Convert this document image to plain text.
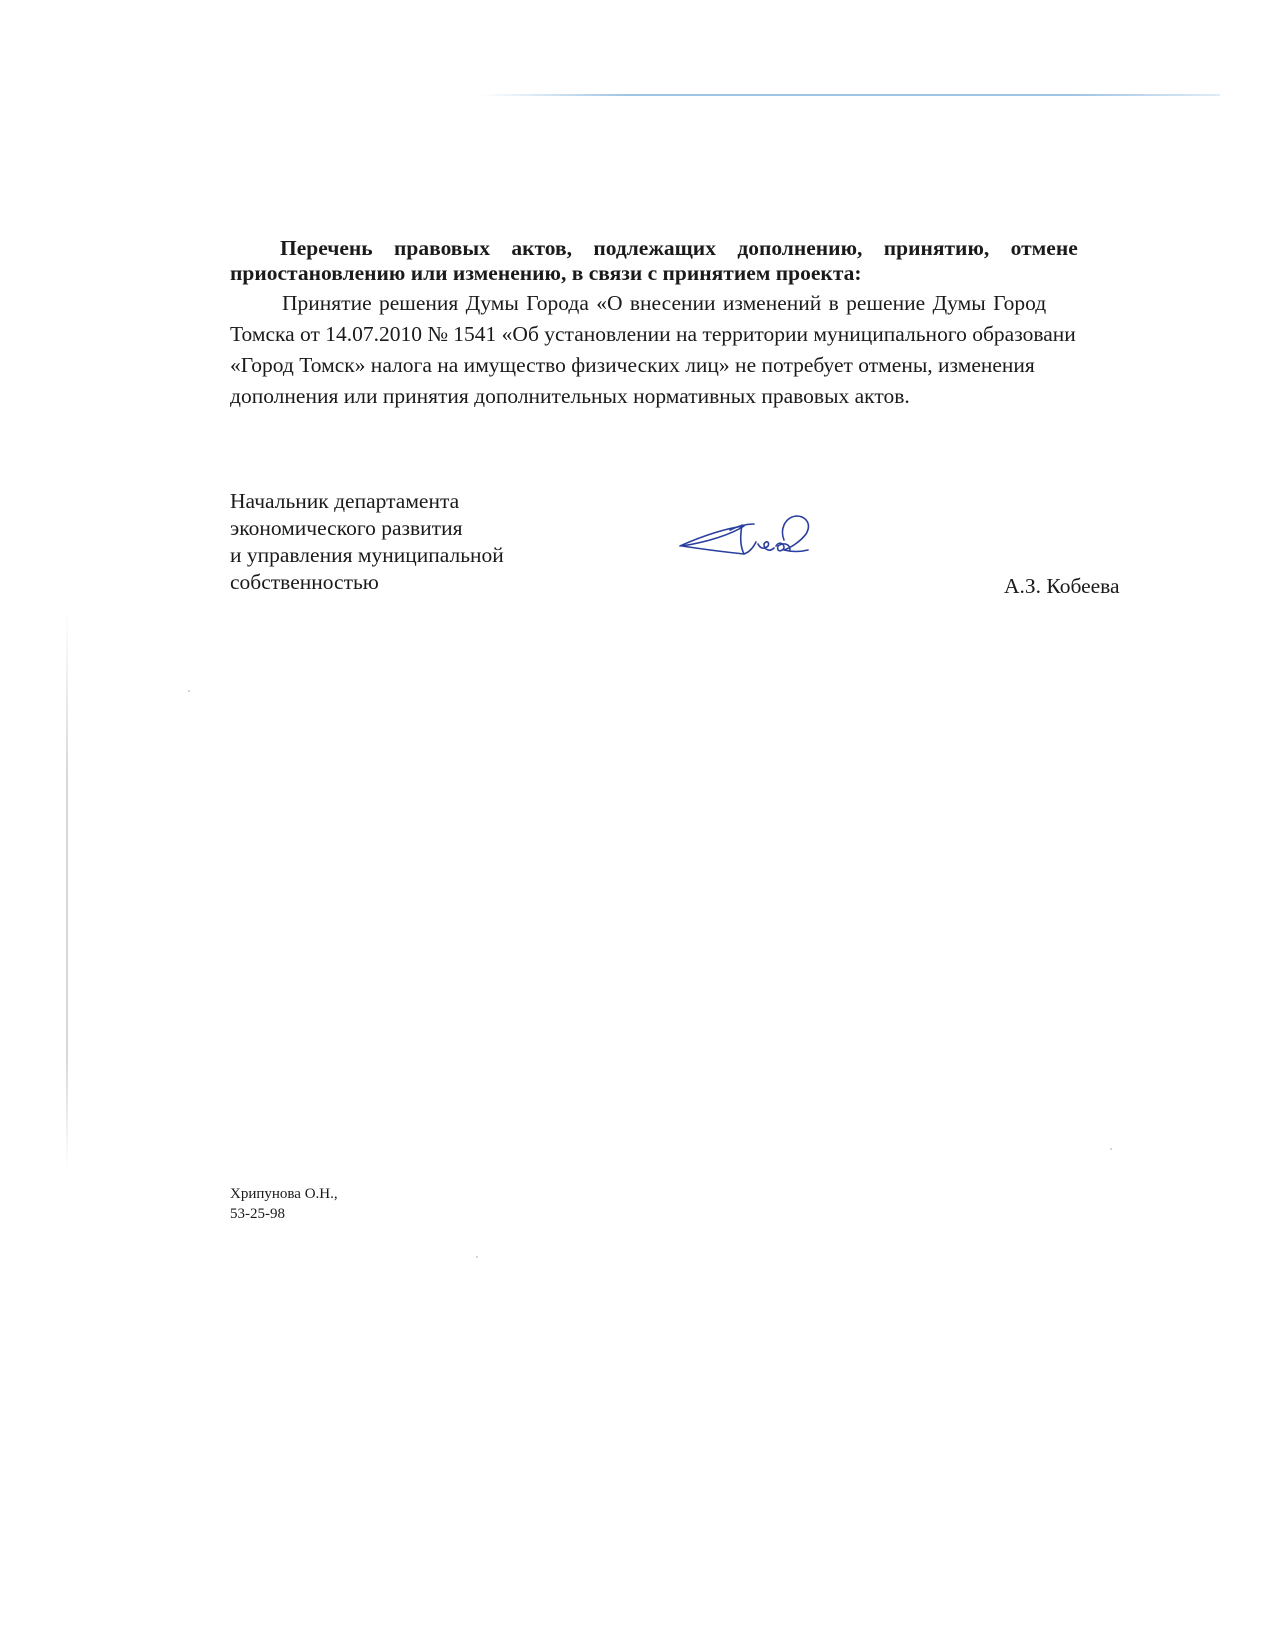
Перечень правовых актов, подлежащих дополнению, принятию, отмене
приостановлению или изменению, в связи с принятием проекта:

Принятие решения Думы Города «О внесении изменений в решение Думы Город
Томска от 14.07.2010 № 1541 «Об установлении на территории муниципального образовани
«Город Томск» налога на имущество физических лиц» не потребует отмены, изменения
дополнения или принятия дополнительных нормативных правовых актов.

Начальник департамента
экономического развития
и управления муниципальной
собственностью	А.З. Кобеева
Хрипунова О.Н.,
53-25-98
